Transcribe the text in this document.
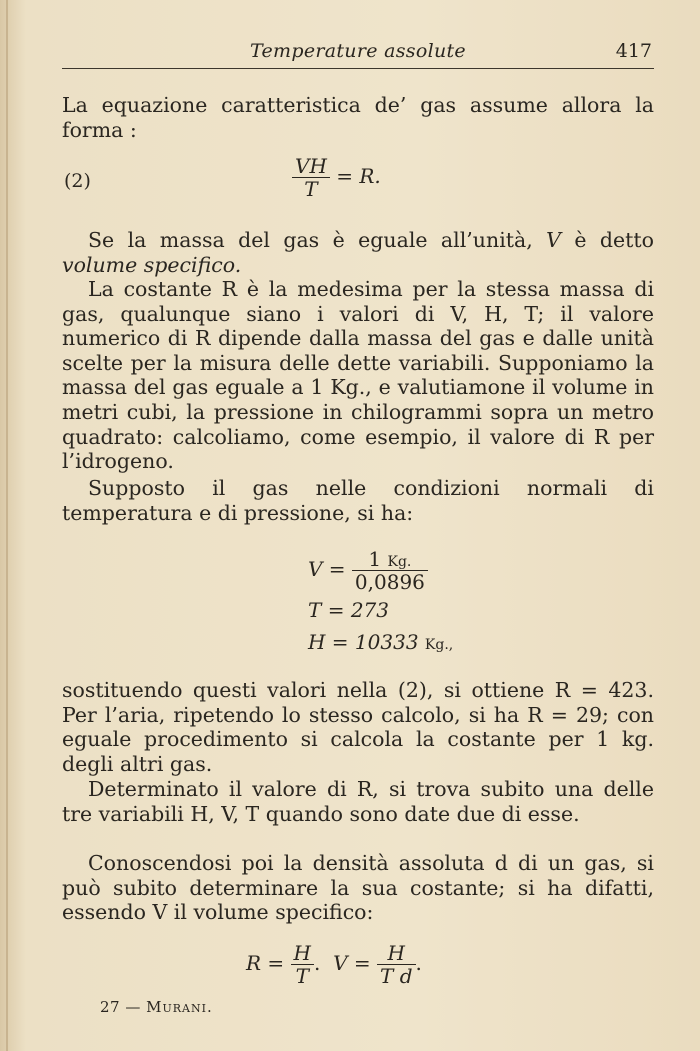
Temperature assolute	417

La equazione caratteristica de’ gas assume allora la forma :

(2)	$\frac{VH}{T} = R$.

Se la massa del gas è eguale all’unità, V è detto volume specifico.

La costante R è la medesima per la stessa massa di gas, qualunque siano i valori di V, H, T; il valore numerico di R dipende dalla massa del gas e dalle unità scelte per la misura delle dette variabili. Supponiamo la massa del gas eguale a 1 Kg., e valutiamone il volume in metri cubi, la pressione in chilogrammi sopra un metro quadrato: calcoliamo, come esempio, il valore di R per l’idrogeno.

Supposto il gas nelle condizioni normali di temperatura e di pressione, si ha:

$V = \frac{1 Kg.}{0,0896}$
T = 273
H = 10333 Kg.,

sostituendo questi valori nella (2), si ottiene R = 423. Per l’aria, ripetendo lo stesso calcolo, si ha R = 29; con eguale procedimento si calcola la costante per 1 kg. degli altri gas.

Determinato il valore di R, si trova subito una delle tre variabili H, V, T quando sono date due di esse.

Conoscendosi poi la densità assoluta d di un gas, si può subito determinare la sua costante; si ha difatti, essendo V il volume specifico:

$R = \frac{H}{T}$ . $V = \frac{H}{\text{T d}}$ .
27 — Murani.
